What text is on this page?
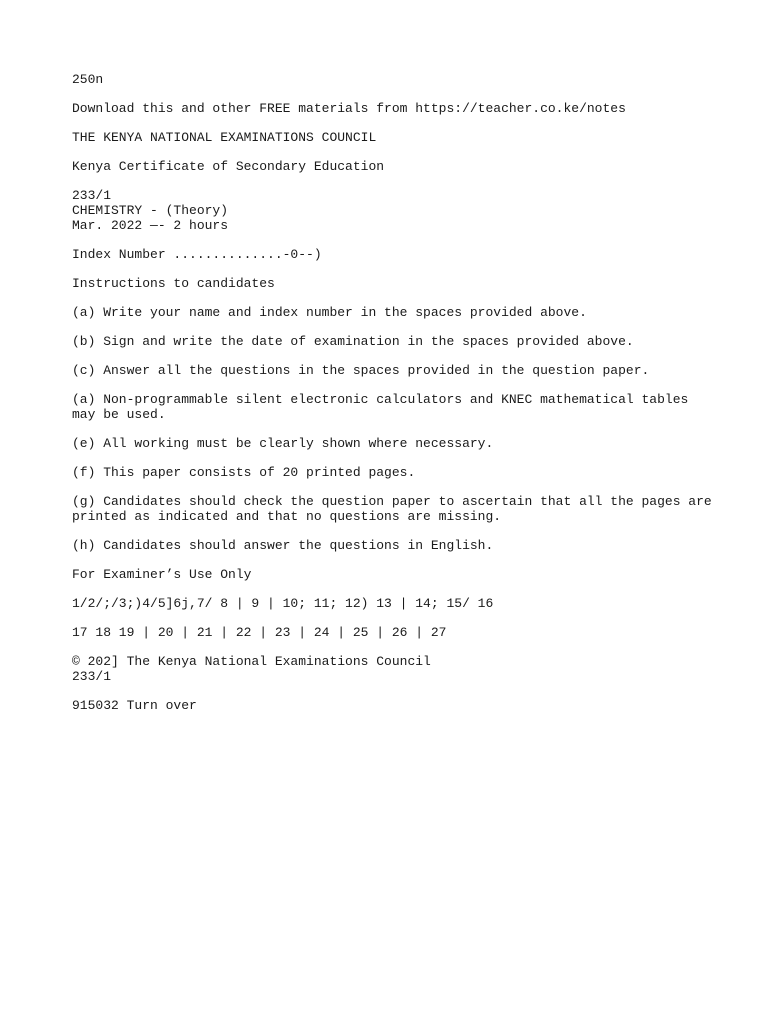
250n
Download this and other FREE materials from https://teacher.co.ke/notes
THE KENYA NATIONAL EXAMINATIONS COUNCIL
Kenya Certificate of Secondary Education
233/1
CHEMISTRY - (Theory)
Mar. 2022 —- 2 hours
Index Number ..............-0--)
Instructions to candidates
(a) Write your name and index number in the spaces provided above.
(b) Sign and write the date of examination in the spaces provided above.
(c) Answer all the questions in the spaces provided in the question paper.
(a) Non-programmable silent electronic calculators and KNEC mathematical tables may be used.
(e) All working must be clearly shown where necessary.
(f) This paper consists of 20 printed pages.
(g) Candidates should check the question paper to ascertain that all the pages are printed as indicated and that no questions are missing.
(h) Candidates should answer the questions in English.
For Examiner’s Use Only
1/2/;/3;)4/5]6j,7/ 8 | 9 | 10; 11; 12) 13 | 14; 15/ 16
17 18 19 | 20 | 21 | 22 | 23 | 24 | 25 | 26 | 27
© 202] The Kenya National Examinations Council
233/1
915032 Turn over
